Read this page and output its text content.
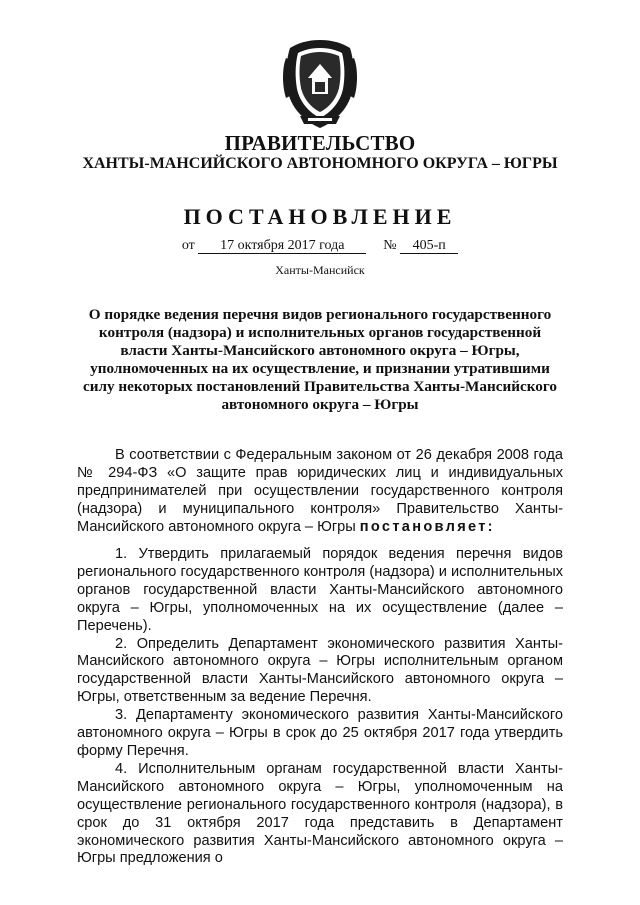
ПРАВИТЕЛЬСТВО
ХАНТЫ-МАНСИЙСКОГО АВТОНОМНОГО ОКРУГА – ЮГРЫ
ПОСТАНОВЛЕНИЕ
от 17 октября 2017 года	№ 405-п
Ханты-Мансийск
О порядке ведения перечня видов регионального государственного
контроля (надзора) и исполнительных органов государственной
власти Ханты-Мансийского автономного округа – Югры,
уполномоченных на их осуществление, и признании утратившими
силу некоторых постановлений Правительства Ханты-Мансийского
автономного округа – Югры

В соответствии с Федеральным законом от 26 декабря 2008 года № 294-ФЗ «О защите прав юридических лиц и индивидуальных предпринимателей при осуществлении государственного контроля (надзора) и муниципального контроля» Правительство Ханты-Мансийского автономного округа – Югры постановляет:

1. Утвердить прилагаемый порядок ведения перечня видов регионального государственного контроля (надзора) и исполнительных органов государственной власти Ханты-Мансийского автономного округа – Югры, уполномоченных на их осуществление (далее – Перечень).

2. Определить Департамент экономического развития Ханты-Мансийского автономного округа – Югры исполнительным органом государственной власти Ханты-Мансийского автономного округа – Югры, ответственным за ведение Перечня.

3. Департаменту экономического развития Ханты-Мансийского автономного округа – Югры в срок до 25 октября 2017 года утвердить форму Перечня.

4. Исполнительным органам государственной власти Ханты-Мансийского автономного округа – Югры, уполномоченным на осуществление регионального государственного контроля (надзора), в срок до 31 октября 2017 года представить в Департамент экономического развития Ханты-Мансийского автономного округа – Югры предложения о
